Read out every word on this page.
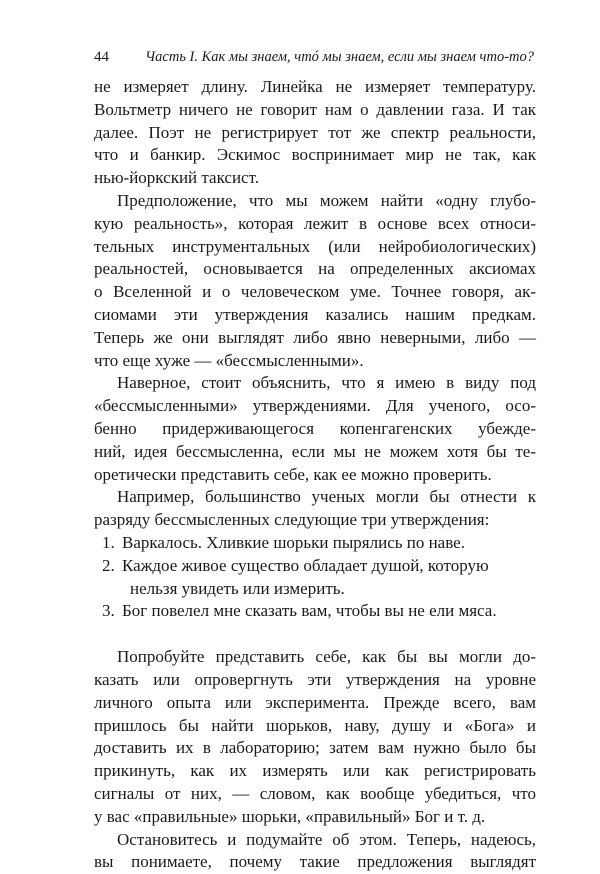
44 Часть I. Как мы знаем, чтó мы знаем, если мы знаем что-то?
не измеряет длину. Линейка не измеряет температуру.
Вольтметр ничего не говорит нам о давлении газа. И так
далее. Поэт не регистрирует тот же спектр реальности,
что и банкир. Эскимос воспринимает мир не так, как
нью-йоркский таксист.
Предположение, что мы можем найти «одну глубо-
кую реальность», которая лежит в основе всех относи-
тельных инструментальных (или нейробиологических)
реальностей, основывается на определенных аксиомах
о Вселенной и о человеческом уме. Точнее говоря, ак-
сиомами эти утверждения казались нашим предкам.
Теперь же они выглядят либо явно неверными, либо —
что еще хуже — «бессмысленными».
Наверное, стоит объяснить, что я имею в виду под
«бессмысленными» утверждениями. Для ученого, осо-
бенно придерживающегося копенгагенских убежде-
ний, идея бессмысленна, если мы не можем хотя бы те-
оретически представить себе, как ее можно проверить.
Например, большинство ученых могли бы отнести к
разряду бессмысленных следующие три утверждения:
1. Варкалось. Хливкие шорьки пырялись по наве.
2. Каждое живое существо обладает душой, которую
нельзя увидеть или измерить.
3. Бог повелел мне сказать вам, чтобы вы не ели мяса.
Попробуйте представить себе, как бы вы могли до-
казать или опровергнуть эти утверждения на уровне
личного опыта или эксперимента. Прежде всего, вам
пришлось бы найти шорьков, наву, душу и «Бога» и
доставить их в лабораторию; затем вам нужно было бы
прикинуть, как их измерять или как регистрировать
сигналы от них, — словом, как вообще убедиться, что
у вас «правильные» шорьки, «правильный» Бог и т. д.
Остановитесь и подумайте об этом. Теперь, надеюсь,
вы понимаете, почему такие предложения выглядят
